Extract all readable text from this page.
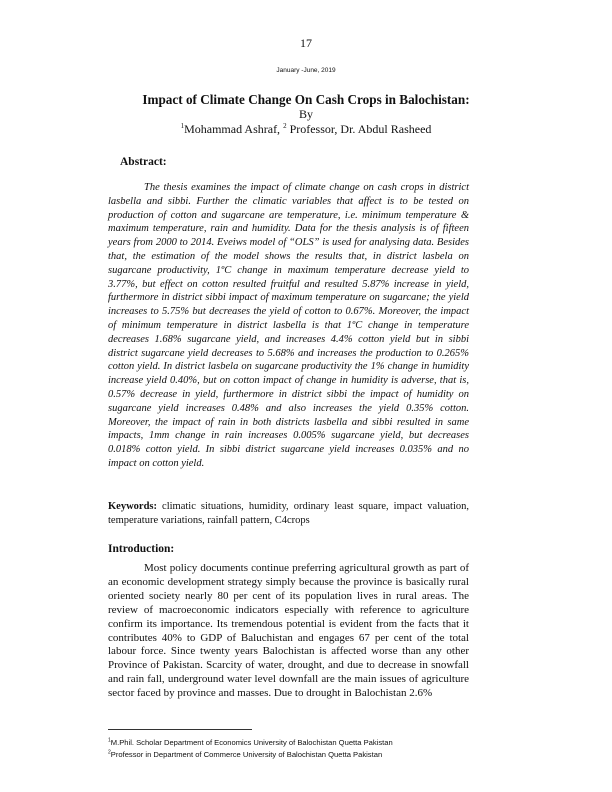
17
January -June, 2019
Impact of Climate Change On Cash Crops in Balochistan:
By
$^1$Mohammad Ashraf, $^2$ Professor, Dr. Abdul Rasheed
Abstract:

The thesis examines the impact of climate change on cash crops in district lasbella and sibbi. Further the climatic variables that affect is to be tested on production of cotton and sugarcane are temperature, i.e. minimum temperature & maximum temperature, rain and humidity. Data for the thesis analysis is of fifteen years from 2000 to 2014. Eveiws model of “OLS” is used for analysing data. Besides that, the estimation of the model shows the results that, in district lasbela on sugarcane productivity, 1ºC change in maximum temperature decrease yield to 3.77%, but effect on cotton resulted fruitful and resulted 5.87% increase in yield, furthermore in district sibbi impact of maximum temperature on sugarcane; the yield increases to 5.75% but decreases the yield of cotton to 0.67%. Moreover, the impact of minimum temperature in district lasbella is that 1ºC change in temperature decreases 1.68% sugarcane yield, and increases 4.4% cotton yield but in sibbi district sugarcane yield decreases to 5.68% and increases the production to 0.265% cotton yield. In district lasbela on sugarcane productivity the 1% change in humidity increase yield 0.40%, but on cotton impact of change in humidity is adverse, that is, 0.57% decrease in yield, furthermore in district sibbi the impact of humidity on sugarcane yield increases 0.48% and also increases the yield 0.35% cotton. Moreover, the impact of rain in both districts lasbella and sibbi resulted in same impacts, 1mm change in rain increases 0.005% sugarcane yield, but decreases 0.018% cotton yield. In sibbi district sugarcane yield increases 0.035% and no impact on cotton yield.

Keywords: climatic situations, humidity, ordinary least square, impact valuation, temperature variations, rainfall pattern, C4crops

Introduction:

Most policy documents continue preferring agricultural growth as part of an economic development strategy simply because the province is basically rural oriented society nearly 80 per cent of its population lives in rural areas. The review of macroeconomic indicators especially with reference to agriculture confirm its importance. Its tremendous potential is evident from the facts that it contributes 40% to GDP of Baluchistan and engages 67 per cent of the total labour force. Since twenty years Balochistan is affected worse than any other Province of Pakistan. Scarcity of water, drought, and due to decrease in snowfall and rain fall, underground water level downfall are the main issues of agriculture sector faced by province and masses. Due to drought in Balochistan 2.6%

$^1$M.Phil. Scholar Department of Economics University of Balochistan Quetta Pakistan
$^2$Professor in Department of Commerce University of Balochistan Quetta Pakistan
